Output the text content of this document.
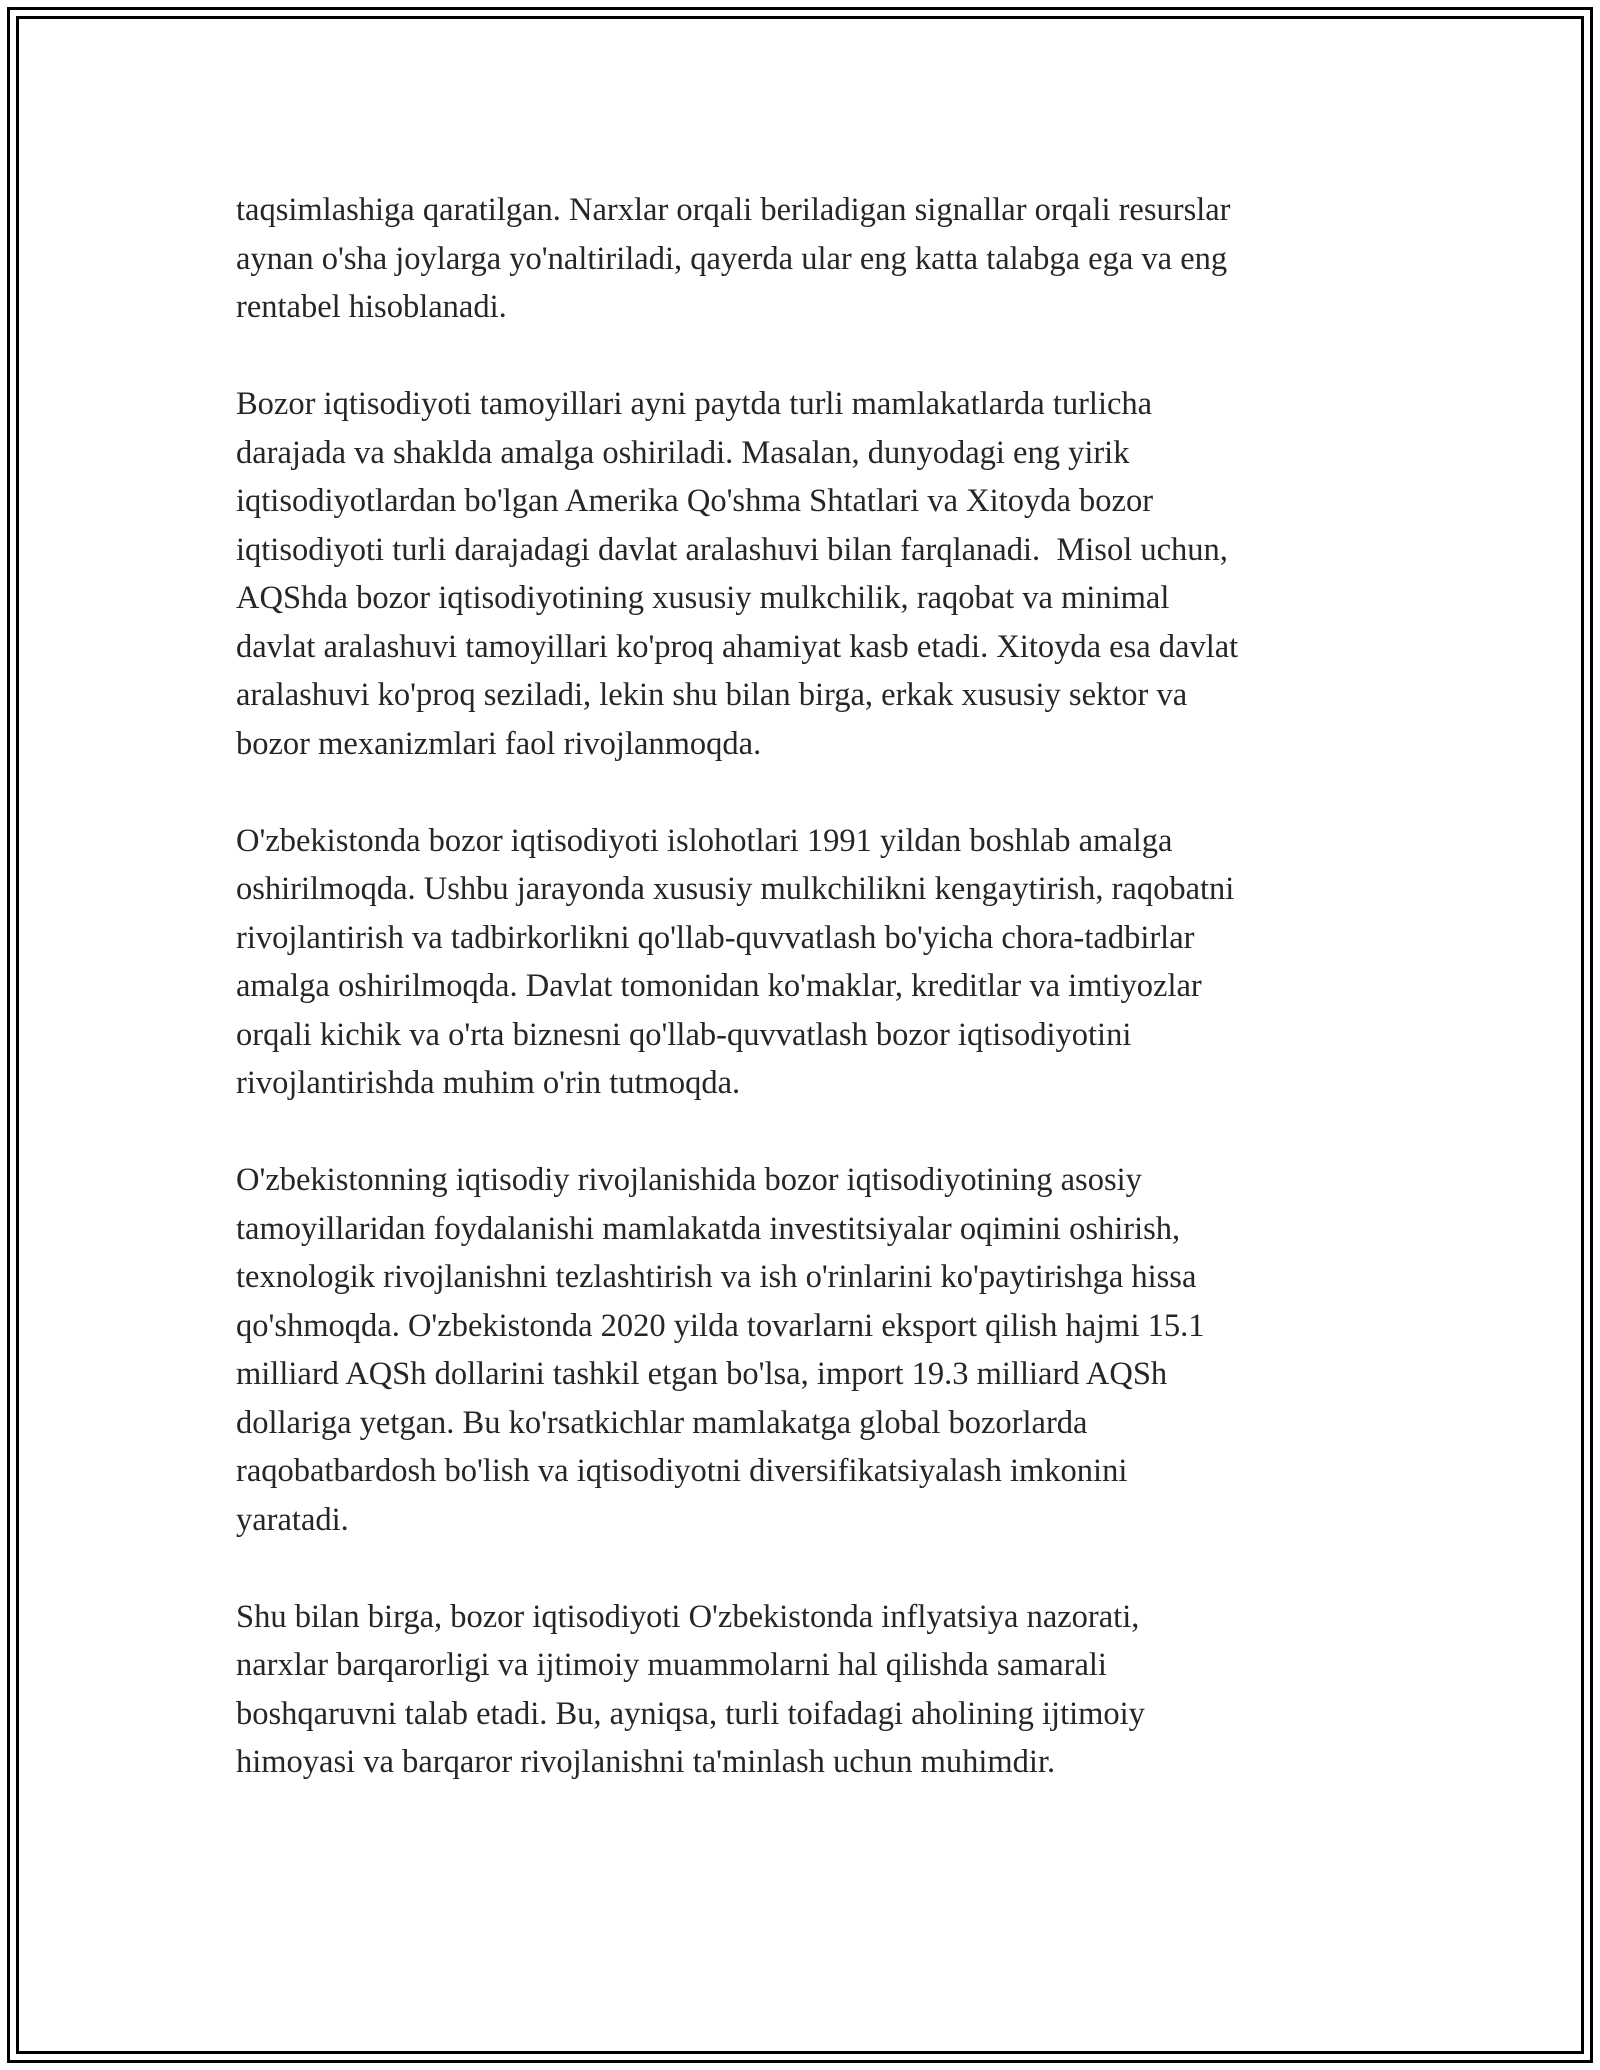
taqsimlashiga qaratilgan. Narxlar orqali beriladigan signallar orqali resurslar
aynan o'sha joylarga yo'naltiriladi, qayerda ular eng katta talabga ega va eng
rentabel hisoblanadi.
Bozor iqtisodiyoti tamoyillari ayni paytda turli mamlakatlarda turlicha
darajada va shaklda amalga oshiriladi. Masalan, dunyodagi eng yirik
iqtisodiyotlardan bo'lgan Amerika Qo'shma Shtatlari va Xitoyda bozor
iqtisodiyoti turli darajadagi davlat aralashuvi bilan farqlanadi.  Misol uchun,
AQShda bozor iqtisodiyotining xususiy mulkchilik, raqobat va minimal
davlat aralashuvi tamoyillari ko'proq ahamiyat kasb etadi. Xitoyda esa davlat
aralashuvi ko'proq seziladi, lekin shu bilan birga, erkak xususiy sektor va
bozor mexanizmlari faol rivojlanmoqda.
O'zbekistonda bozor iqtisodiyoti islohotlari 1991 yildan boshlab amalga
oshirilmoqda. Ushbu jarayonda xususiy mulkchilikni kengaytirish, raqobatni
rivojlantirish va tadbirkorlikni qo'llab-quvvatlash bo'yicha chora-tadbirlar
amalga oshirilmoqda. Davlat tomonidan ko'maklar, kreditlar va imtiyozlar
orqali kichik va o'rta biznesni qo'llab-quvvatlash bozor iqtisodiyotini
rivojlantirishda muhim o'rin tutmoqda.
O'zbekistonning iqtisodiy rivojlanishida bozor iqtisodiyotining asosiy
tamoyillaridan foydalanishi mamlakatda investitsiyalar oqimini oshirish,
texnologik rivojlanishni tezlashtirish va ish o'rinlarini ko'paytirishga hissa
qo'shmoqda. O'zbekistonda 2020 yilda tovarlarni eksport qilish hajmi 15.1
milliard AQSh dollarini tashkil etgan bo'lsa, import 19.3 milliard AQSh
dollariga yetgan. Bu ko'rsatkichlar mamlakatga global bozorlarda
raqobatbardosh bo'lish va iqtisodiyotni diversifikatsiyalash imkonini
yaratadi.
Shu bilan birga, bozor iqtisodiyoti O'zbekistonda inflyatsiya nazorati,
narxlar barqarorligi va ijtimoiy muammolarni hal qilishda samarali
boshqaruvni talab etadi. Bu, ayniqsa, turli toifadagi aholining ijtimoiy
himoyasi va barqaror rivojlanishni ta'minlash uchun muhimdir.
